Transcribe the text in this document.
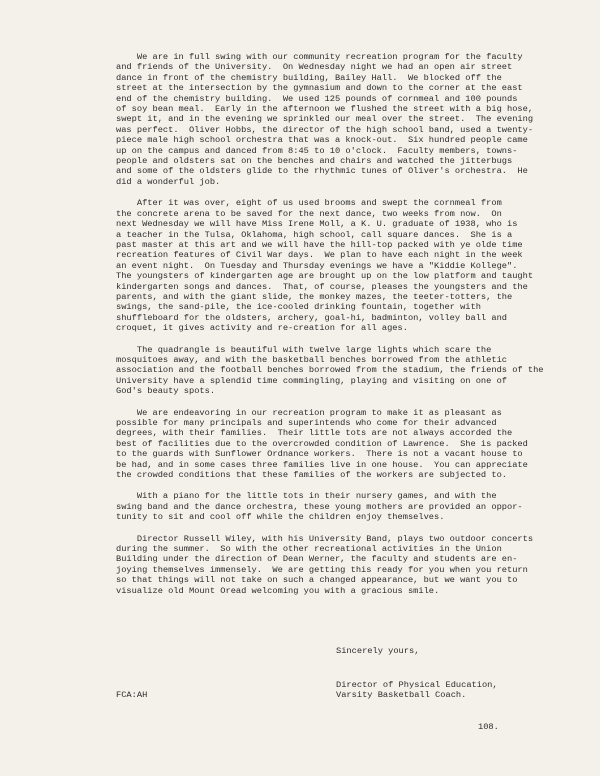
We are in full swing with our community recreation program for the faculty
and friends of the University.  On Wednesday night we had an open air street
dance in front of the chemistry building, Bailey Hall.  We blocked off the
street at the intersection by the gymnasium and down to the corner at the east
end of the chemistry building.  We used 125 pounds of cornmeal and 100 pounds
of soy bean meal.  Early in the afternoon we flushed the street with a big hose,
swept it, and in the evening we sprinkled our meal over the street.  The evening
was perfect.  Oliver Hobbs, the director of the high school band, used a twenty-
piece male high school orchestra that was a knock-out.  Six hundred people came
up on the campus and danced from 8:45 to 10 o'clock.  Faculty members, towns-
people and oldsters sat on the benches and chairs and watched the jitterbugs
and some of the oldsters glide to the rhythmic tunes of Oliver's orchestra.  He
did a wonderful job.

After it was over, eight of us used brooms and swept the cornmeal from
the concrete arena to be saved for the next dance, two weeks from now.  On
next Wednesday we will have Miss Irene Moll, a K. U. graduate of 1938, who is
a teacher in the Tulsa, Oklahoma, high school, call square dances.  She is a
past master at this art and we will have the hill-top packed with ye olde time
recreation features of Civil War days.  We plan to have each night in the week
an event night.  On Tuesday and Thursday evenings we have a "Kiddie Kollege".
The youngsters of kindergarten age are brought up on the low platform and taught
kindergarten songs and dances.  That, of course, pleases the youngsters and the
parents, and with the giant slide, the monkey mazes, the teeter-totters, the
swings, the sand-pile, the ice-cooled drinking fountain, together with
shuffleboard for the oldsters, archery, goal-hi, badminton, volley ball and
croquet, it gives activity and re-creation for all ages.

The quadrangle is beautiful with twelve large lights which scare the
mosquitoes away, and with the basketball benches borrowed from the athletic
association and the football benches borrowed from the stadium, the friends of the
University have a splendid time commingling, playing and visiting on one of
God's beauty spots.

We are endeavoring in our recreation program to make it as pleasant as
possible for many principals and superintends who come for their advanced
degrees, with their families.  Their little tots are not always accorded the
best of facilities due to the overcrowded condition of Lawrence.  She is packed
to the guards with Sunflower Ordnance workers.  There is not a vacant house to
be had, and in some cases three families live in one house.  You can appreciate
the crowded conditions that these families of the workers are subjected to.

With a piano for the little tots in their nursery games, and with the
swing band and the dance orchestra, these young mothers are provided an oppor-
tunity to sit and cool off while the children enjoy themselves.

Director Russell Wiley, with his University Band, plays two outdoor concerts
during the summer.  So with the other recreational activities in the Union
Building under the direction of Dean Werner, the faculty and students are en-
joying themselves immensely.  We are getting this ready for you when you return
so that things will not take on such a changed appearance, but we want you to
visualize old Mount Oread welcoming you with a gracious smile.

Sincerely yours,
Director of Physical Education,
Varsity Basketball Coach.
FCA:AH
108.
